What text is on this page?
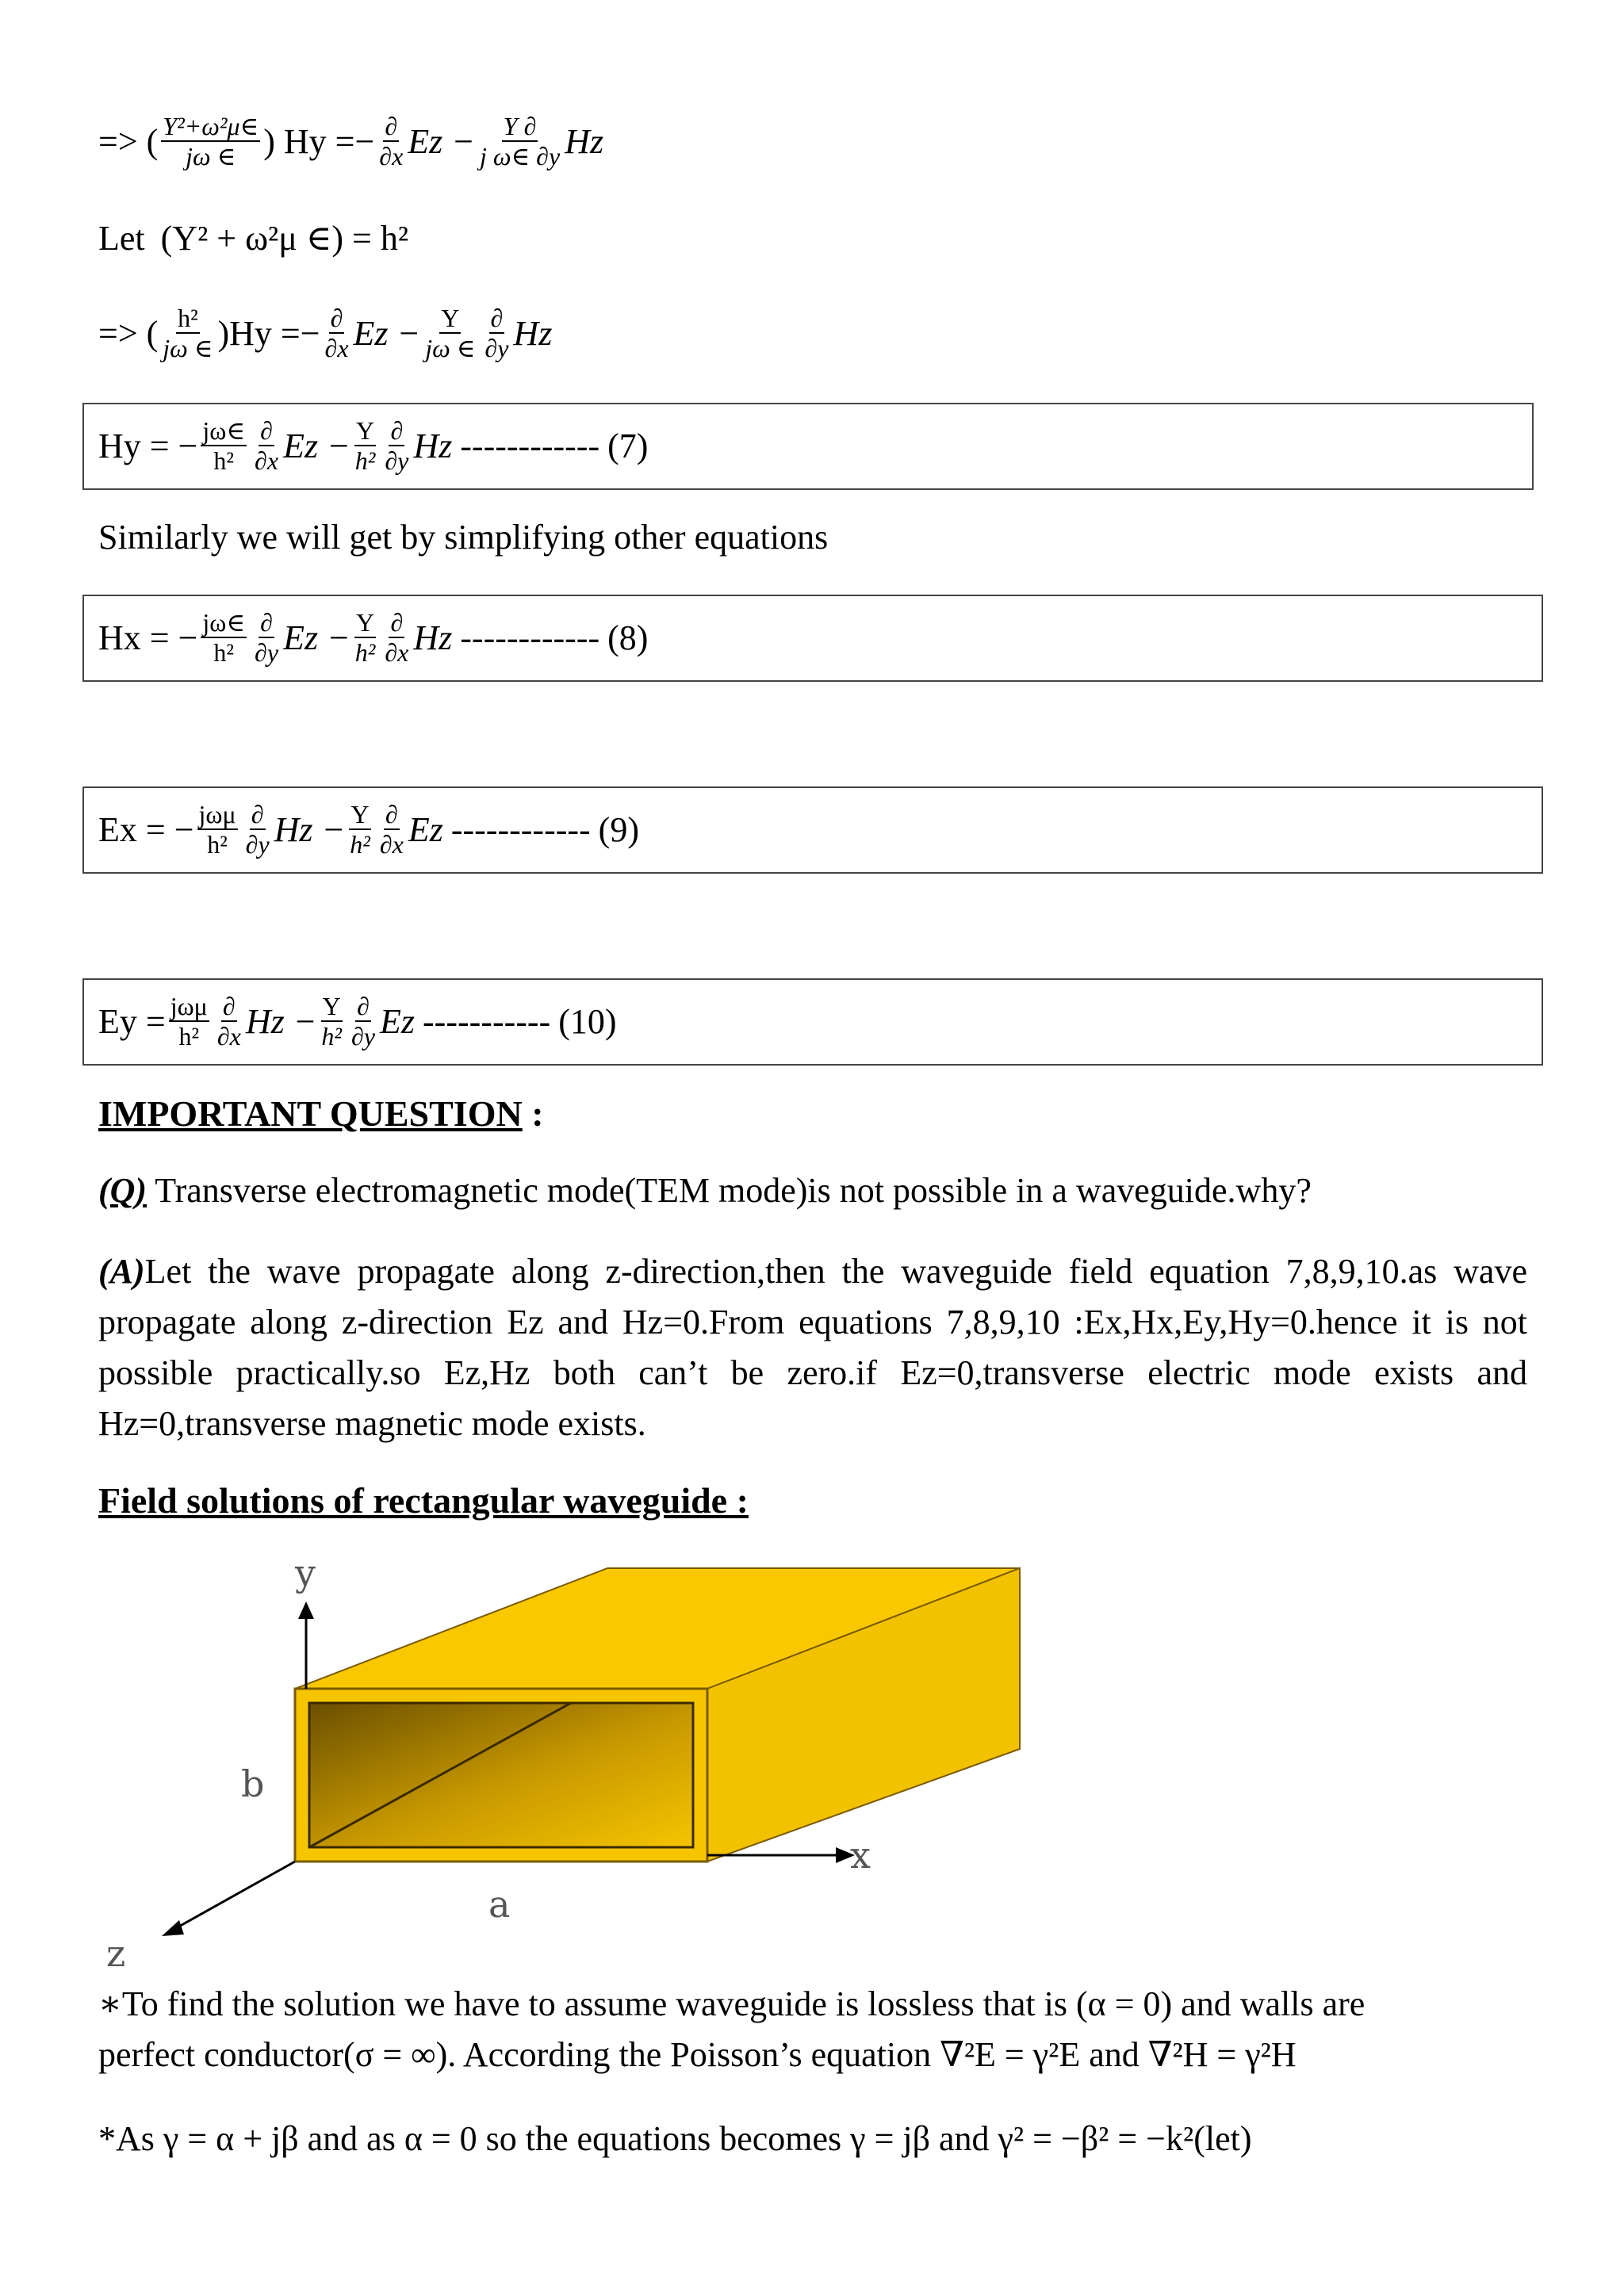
=> ( $\frac{\text{Y²+ω²μ∈}}{j\omega \in}$ ) $Hy =- \frac{\partial}{\partial x}$ $Ez - \frac{Y \partial}{\text{j ω∈ ∂y}}$ Hz
Let (Y² + ω²μ ∈) = h²
=> ( $\frac{\text{h²}}{j\omega \in} )Hy =- \frac{\partial}{\partial x}$ $Ez - \frac{Y}{j\omega \in} \frac{\partial}{\partial y}$ Hz
Hy = − $\frac{j\omega\in}{\text{h²}} \frac{\partial}{\partial x}$ $Ez - \frac{Y}{\text{h²}} \frac{\partial}{\partial y}$ Hz ------------ (7)
Similarly we will get by simplifying other equations
Hx = − $\frac{j\omega\in}{\text{h²}} \frac{\partial}{\partial y}$ $Ez - \frac{Y}{\text{h²}} \frac{\partial}{\partial x}$ Hz ------------ (8)
Ex = − $\frac{\text{jωμ}}{\text{h²}} \frac{\partial}{\partial y}$ $Hz - \frac{Y}{\text{h²}} \frac{\partial}{\partial x}$ Ez ------------ (9)
$Ey = \frac{\text{jωμ}}{\text{h²}} \frac{\partial}{\partial x}$ $Hz - \frac{Y}{\text{h²}} \frac{\partial}{\partial y}$ Ez ----------- (10)
IMPORTANT QUESTION :
(Q) Transverse electromagnetic mode(TEM mode)is not possible in a waveguide.why?
(A)Let the wave propagate along z-direction,then the waveguide field equation 7,8,9,10.as wave propagate along z-direction Ez and Hz=0.From equations 7,8,9,10 :Ex,Hx,Ey,Hy=0.hence it is not possible practically.so Ez,Hz both can’t be zero.if Ez=0,transverse electric mode exists and Hz=0,transverse magnetic mode exists.
Field solutions of rectangular waveguide :
y
x
z
a
b
∗To find the solution we have to assume waveguide is lossless that is (α = 0) and walls are
perfect conductor(σ = ∞). According the Poisson’s equation ∇²E = γ²E and ∇²H = γ²H
*As γ = α + jβ and as α = 0 so the equations becomes γ = jβ and γ² = −β² = −k²(let)
